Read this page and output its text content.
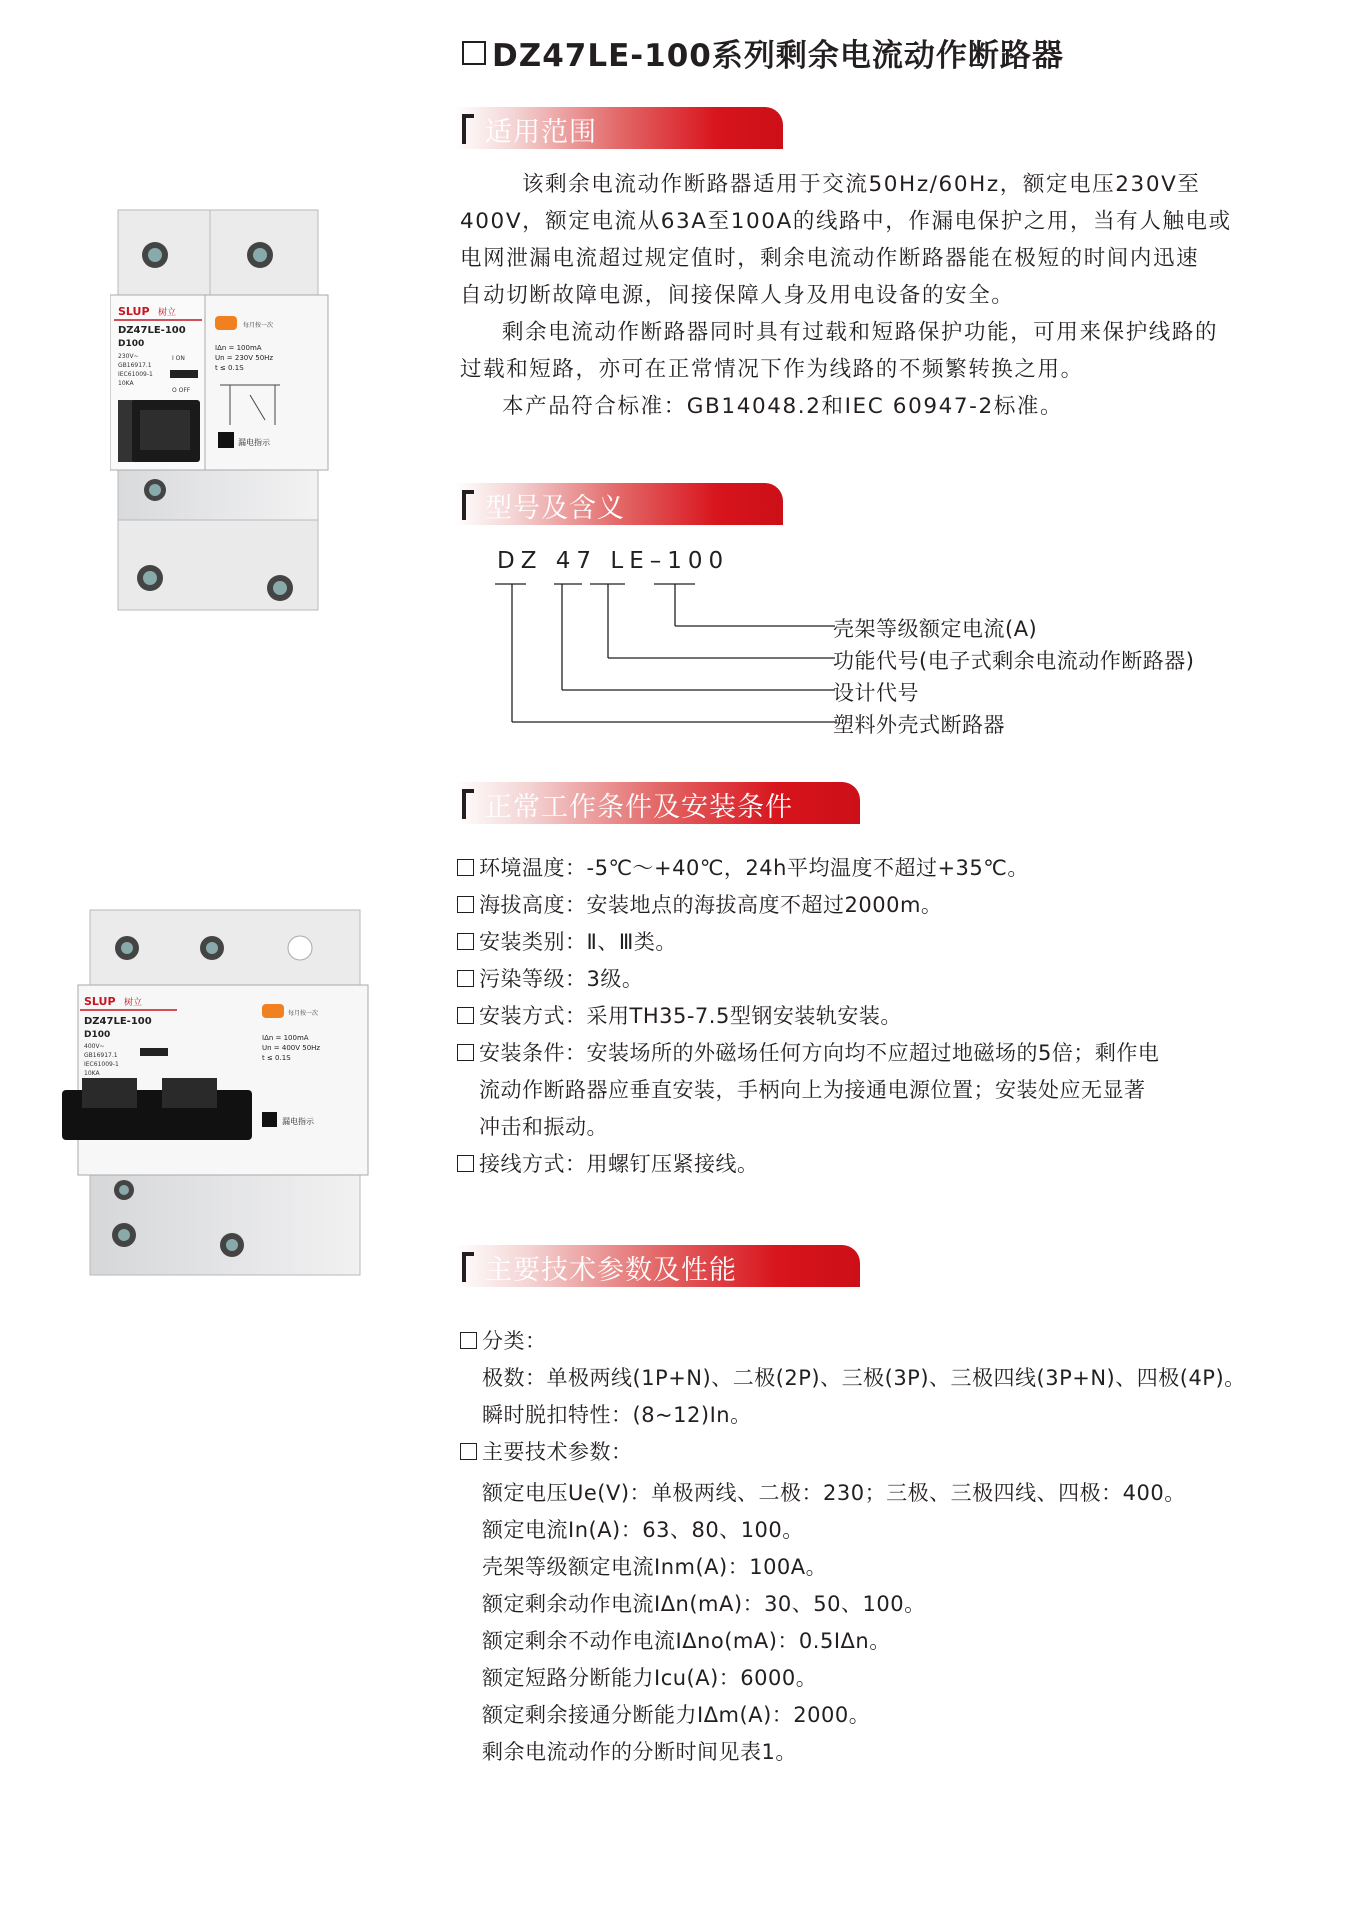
DZ47LE-100系列剩余电流动作断路器
适用范围
该剩余电流动作断路器适用于交流50Hz/60Hz，额定电压230V至
400V，额定电流从63A至100A的线路中，作漏电保护之用，当有人触电或
电网泄漏电流超过规定值时，剩余电流动作断路器能在极短的时间内迅速
自动切断故障电源，间接保障人身及用电设备的安全。
剩余电流动作断路器同时具有过载和短路保护功能，可用来保护线路的
过载和短路，亦可在正常情况下作为线路的不频繁转换之用。
本产品符合标准：GB14048.2和IEC 60947-2标准。
SLUP 树立
DZ47LE-100
D100
230V~
GB16917.1
IEC61009-1
10KA
I ON
O OFF
每月按一次
IΔn = 100mA
Un = 230V 50Hz
t ≤ 0.1S
漏电指示
型号及含义
DZ 47 LE–100
壳架等级额定电流(A)
功能代号(电子式剩余电流动作断路器)
设计代号
塑料外壳式断路器
正常工作条件及安装条件
环境温度：-5℃～+40℃，24h平均温度不超过+35℃。
海拔高度：安装地点的海拔高度不超过2000m。
安装类别：Ⅱ、Ⅲ类。
污染等级：3级。
安装方式：采用TH35-7.5型钢安装轨安装。
安装条件：安装场所的外磁场任何方向均不应超过地磁场的5倍；剩作电
流动作断路器应垂直安装，手柄向上为接通电源位置；安装处应无显著
冲击和振动。
接线方式：用螺钉压紧接线。
SLUP 树立
DZ47LE-100
D100
400V~
GB16917.1
IEC61009-1
10KA
每月按一次
IΔn = 100mA
Un = 400V 50Hz
t ≤ 0.1S
漏电指示
主要技术参数及性能
分类：
极数：单极两线(1P+N)、二极(2P)、三极(3P)、三极四线(3P+N)、四极(4P)。
瞬时脱扣特性：(8~12)In。
主要技术参数：
额定电压Ue(V)：单极两线、二极：230；三极、三极四线、四极：400。
额定电流In(A)：63、80、100。
壳架等级额定电流Inm(A)：100A。
额定剩余动作电流IΔn(mA)：30、50、100。
额定剩余不动作电流IΔno(mA)：0.5IΔn。
额定短路分断能力Icu(A)：6000。
额定剩余接通分断能力IΔm(A)：2000。
剩余电流动作的分断时间见表1。
